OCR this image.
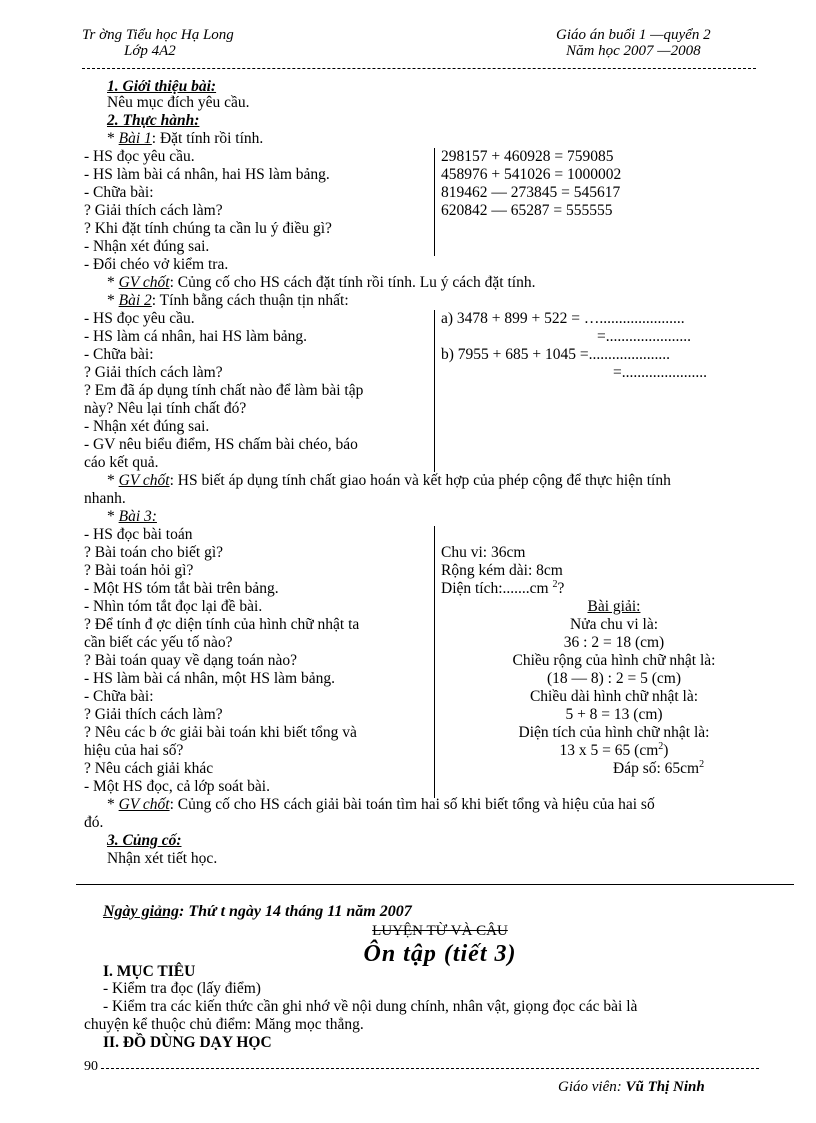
Tr ờng Tiểu học Hạ Long
Lớp 4A2
Giáo án buổi 1 —quyển 2
Năm học 2007 —2008
1. Giới thiệu bài:
Nêu mục đích yêu cầu.
2. Thực hành:
* Bài 1: Đặt tính rồi tính.
- HS đọc yêu cầu.
- HS làm bài cá nhân, hai HS làm bảng.
- Chữa bài:
? Giải thích cách làm?
? Khi đặt tính chúng ta cần lu ý điều gì?
- Nhận xét đúng sai.
- Đổi chéo vở kiểm tra.
298157 + 460928 = 759085
458976 + 541026 = 1000002
819462 — 273845 = 545617
620842 — 65287 = 555555
* GV chốt: Củng cố cho HS cách đặt tính rồi tính. Lu ý cách đặt tính.
* Bài 2: Tính bằng cách thuận tịn nhất:
- HS đọc yêu cầu.
- HS làm cá nhân, hai HS làm bảng.
- Chữa bài:
? Giải thích cách làm?
? Em đã áp dụng tính chất nào để làm bài tập
này? Nêu lại tính chất đó?
- Nhận xét đúng sai.
- GV nêu biểu điểm, HS chấm bài chéo, báo
cáo kết quả.
a) 3478 + 899 + 522 = …......................
=......................
b) 7955 + 685 + 1045 =.....................
=......................
* GV chốt: HS biết áp dụng tính chất giao hoán và kết hợp của phép cộng để thực hiện tính
nhanh.
* Bài 3:
- HS đọc bài toán
? Bài toán cho biết gì?
? Bài toán hỏi gì?
- Một HS tóm tắt bài trên bảng.
- Nhìn tóm tắt đọc lại đề bài.
? Để tính đ ợc diện tính của hình chữ nhật ta
cần biết các yếu tố nào?
? Bài toán quay về dạng toán nào?
- HS làm bài cá nhân, một HS làm bảng.
- Chữa bài:
? Giải thích cách làm?
? Nêu các b ớc giải bài toán khi biết tổng và
hiệu của hai số?
? Nêu cách giải khác
- Một HS đọc, cả lớp soát bài.
Chu vi: 36cm
Rộng kém dài: 8cm
Diện tích:.......cm $^2$?
Bài giải:
Nửa chu vi là:
36 : 2 = 18 (cm)
Chiều rộng của hình chữ nhật là:
(18 — 8) : 2 = 5 (cm)
Chiều dài hình chữ nhật là:
5 + 8 = 13 (cm)
Diện tích của hình chữ nhật là:
13 x 5 = 65 $(cm^2)$
Đáp số: $65cm^2$
* GV chốt: Củng cố cho HS cách giải bài toán tìm hai số khi biết tổng và hiệu của hai số
đó.
3. Củng cố:
Nhận xét tiết học.
Ngày giảng: Thứ t ngày 14 tháng 11 năm 2007
LUYỆN TỪ VÀ CÂU
Ôn tập (tiết 3)
I. MỤC TIÊU
- Kiểm tra đọc (lấy điểm)
- Kiểm tra các kiến thức cần ghi nhớ về nội dung chính, nhân vật, giọng đọc các bài là
chuyện kể thuộc chủ điểm: Măng mọc thẳng.
II. ĐỒ DÙNG DẠY HỌC
90
Giáo viên: Vũ Thị Ninh
